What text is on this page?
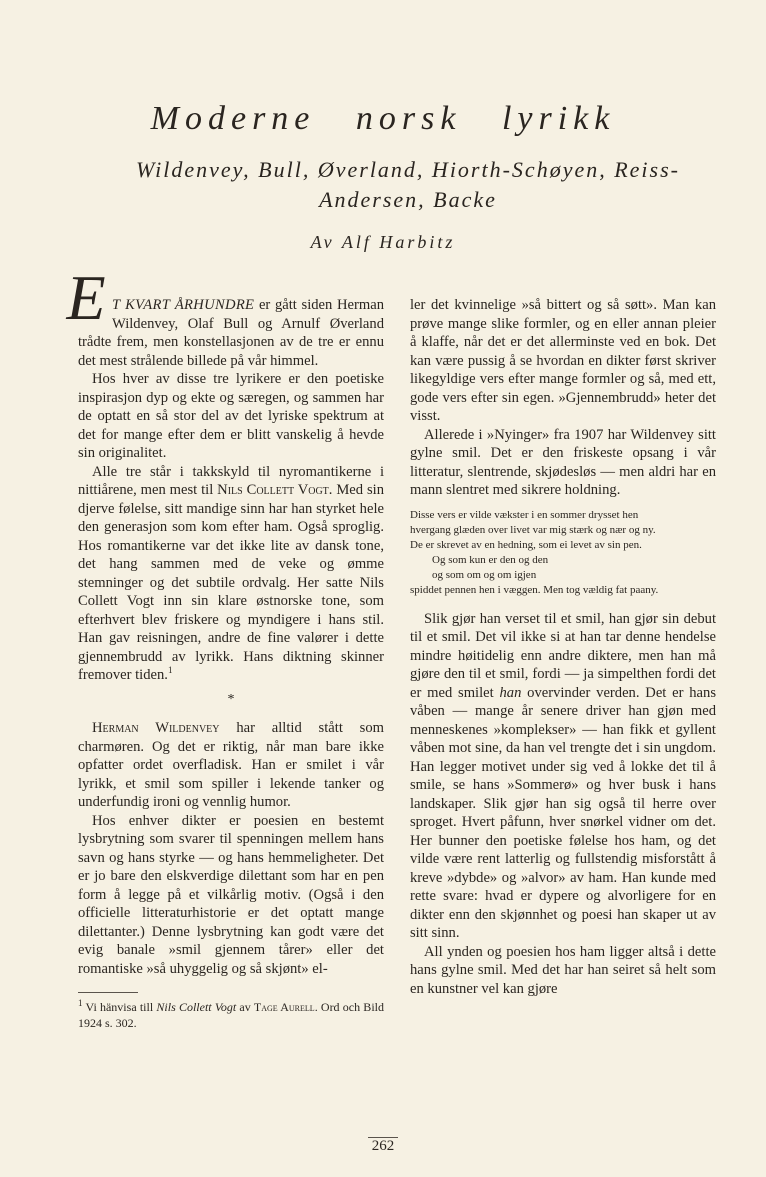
Moderne norsk lyrikk
Wildenvey, Bull, Øverland, Hiorth-Schøyen, Reiss-Andersen, Backe
Av Alf Harbitz

E T KVART ÅRHUNDRE er gått siden Herman Wildenvey, Olaf Bull og Arnulf Øverland trådte frem, men konstellasjonen av de tre er ennu det mest strålende billede på vår himmel.

Hos hver av disse tre lyrikere er den poetiske inspirasjon dyp og ekte og særegen, og sammen har de optatt en så stor del av det lyriske spektrum at det for mange efter dem er blitt vanskelig å hevde sin originalitet.

Alle tre står i takkskyld til nyromantikerne i nittiårene, men mest til Nils Collett Vogt. Med sin djerve følelse, sitt mandige sinn har han styrket hele den generasjon som kom efter ham. Også sproglig. Hos romantikerne var det ikke lite av dansk tone, det hang sammen med de veke og ømme stemninger og det subtile ordvalg. Her satte Nils Collett Vogt inn sin klare østnorske tone, som efterhvert blev friskere og myndigere i hans stil. Han gav reisningen, andre de fine valører i dette gjennembrudd av lyrikk. Hans diktning skinner fremover tiden.$^1$

*

Herman Wildenvey har alltid stått som charmøren. Og det er riktig, når man bare ikke opfatter ordet overfladisk. Han er smilet i vår lyrikk, et smil som spiller i lekende tanker og underfundig ironi og vennlig humor.

Hos enhver dikter er poesien en bestemt lysbrytning som svarer til spenningen mellem hans savn og hans styrke — og hans hemmeligheter. Det er jo bare den elskverdige dilettant som har en pen form å legge på et vilkårlig motiv. (Også i den officielle litteraturhistorie er det optatt mange dilettanter.) Denne lysbrytning kan godt være det evig banale »smil gjennem tårer» eller det romantiske »så uhyggelig og så skjønt» el-

$^1$ Vi hänvisa till Nils Collett Vogt av Tage Aurell. Ord och Bild 1924 s. 302.

ler det kvinnelige »så bittert og så søtt». Man kan prøve mange slike formler, og en eller annan pleier å klaffe, når det er det allerminste ved en bok. Det kan være pussig å se hvordan en dikter først skriver likegyldige vers efter mange formler og så, med ett, gode vers efter sin egen. »Gjennembrudd» heter det visst.

Allerede i »Nyinger» fra 1907 har Wildenvey sitt gylne smil. Det er den friskeste opsang i vår litteratur, slentrende, skjødesløs — men aldri har en mann slentret med sikrere holdning.

Disse vers er vilde vækster i en sommer drysset hen
hvergang glæden over livet var mig stærk og nær og ny.
De er skrevet av en hedning, som ei levet av sin pen.
Og som kun er den og den
og som om og om igjen
spiddet pennen hen i væggen. Men tog vældig fat paany.

Slik gjør han verset til et smil, han gjør sin debut til et smil. Det vil ikke si at han tar denne hendelse mindre høitidelig enn andre diktere, men han må gjøre den til et smil, fordi — ja simpelthen fordi det er med smilet han overvinder verden. Det er hans våben — mange år senere driver han gjøn med menneskenes »komplekser» — han fikk et gyllent våben mot sine, da han vel trengte det i sin ungdom. Han legger motivet under sig ved å lokke det til å smile, se hans »Sommerø» og hver busk i hans landskaper. Slik gjør han sig også til herre over sproget. Hvert påfunn, hver snørkel vidner om det. Her bunner den poetiske følelse hos ham, og det vilde være rent latterlig og fullstendig misforstått å kreve »dybde» og »alvor» av ham. Han kunde med rette svare: hvad er dypere og alvorligere for en dikter enn den skjønnhet og poesi han skaper ut av sitt sinn.

All ynden og poesien hos ham ligger altså i dette hans gylne smil. Med det har han seiret så helt som en kunstner vel kan gjøre

262
